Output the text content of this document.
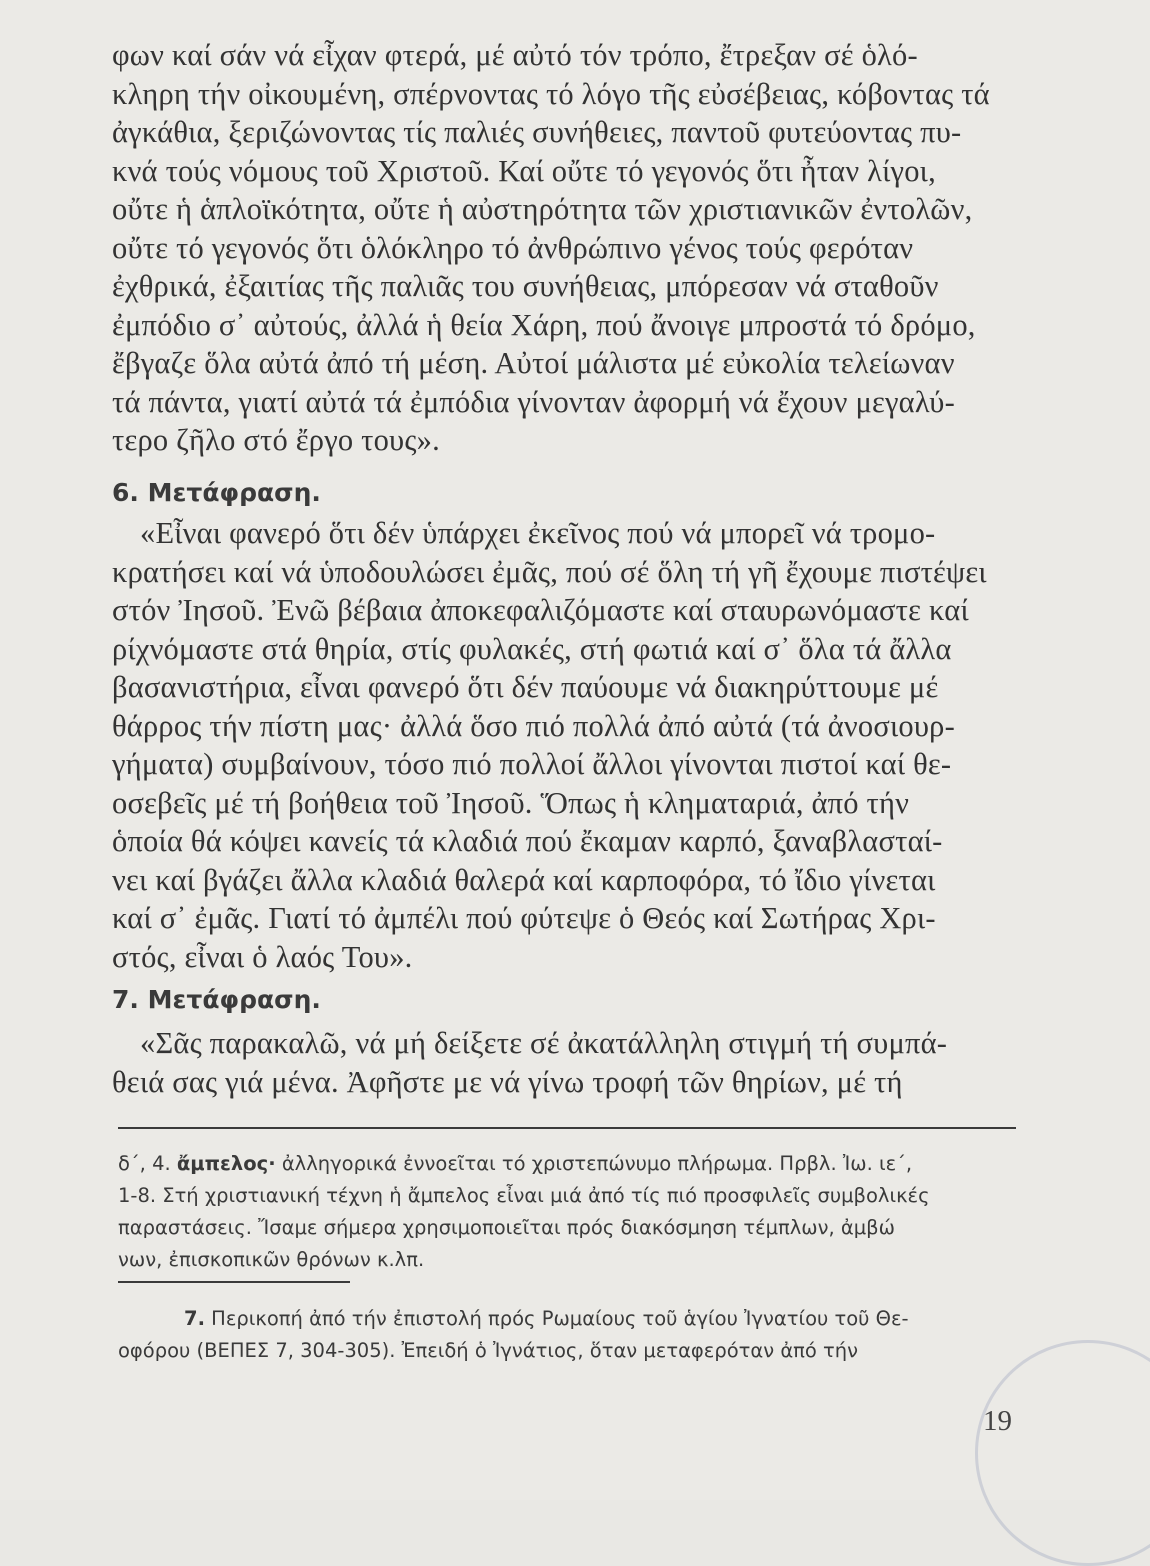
φων καί σάν νά εἶχαν φτερά, μέ αὐτό τόν τρόπο, ἔτρεξαν σέ ὁλό-
κληρη τήν οἰκουμένη, σπέρνοντας τό λόγο τῆς εὐσέβειας, κόβοντας τά
ἀγκάθια, ξεριζώνοντας τίς παλιές συνήθειες, παντοῦ φυτεύοντας πυ-
κνά τούς νόμους τοῦ Χριστοῦ. Καί οὔτε τό γεγονός ὅτι ἦταν λίγοι,
οὔτε ἡ ἁπλοϊκότητα, οὔτε ἡ αὐστηρότητα τῶν χριστιανικῶν ἐντολῶν,
οὔτε τό γεγονός ὅτι ὁλόκληρο τό ἀνθρώπινο γένος τούς φερόταν
ἐχθρικά, ἐξαιτίας τῆς παλιᾶς του συνήθειας, μπόρεσαν νά σταθοῦν
ἐμπόδιο σ᾿ αὐτούς, ἀλλά ἡ θεία Χάρη, πού ἄνοιγε μπροστά τό δρόμο,
ἔβγαζε ὅλα αὐτά ἀπό τή μέση. Αὐτοί μάλιστα μέ εὐκολία τελείωναν
τά πάντα, γιατί αὐτά τά ἐμπόδια γίνονταν ἀφορμή νά ἔχουν μεγαλύ-
τερο ζῆλο στό ἔργο τους».
6. Μετάφραση.
«Εἶναι φανερό ὅτι δέν ὑπάρχει ἐκεῖνος πού νά μπορεῖ νά τρομο-
κρατήσει καί νά ὑποδουλώσει ἐμᾶς, πού σέ ὅλη τή γῆ ἔχουμε πιστέψει
στόν Ἰησοῦ. Ἐνῶ βέβαια ἀποκεφαλιζόμαστε καί σταυρωνόμαστε καί
ρίχνόμαστε στά θηρία, στίς φυλακές, στή φωτιά καί σ᾿ ὅλα τά ἄλλα
βασανιστήρια, εἶναι φανερό ὅτι δέν παύουμε νά διακηρύττουμε μέ
θάρρος τήν πίστη μας· ἀλλά ὅσο πιό πολλά ἀπό αὐτά (τά ἀνοσιουρ-
γήματα) συμβαίνουν, τόσο πιό πολλοί ἄλλοι γίνονται πιστοί καί θε-
οσεβεῖς μέ τή βοήθεια τοῦ Ἰησοῦ. Ὅπως ἡ κληματαριά, ἀπό τήν
ὁποία θά κόψει κανείς τά κλαδιά πού ἔκαμαν καρπό, ξαναβλασταί-
νει καί βγάζει ἄλλα κλαδιά θαλερά καί καρποφόρα, τό ἴδιο γίνεται
καί σ᾿ ἐμᾶς. Γιατί τό ἀμπέλι πού φύτεψε ὁ Θεός καί Σωτήρας Χρι-
στός, εἶναι ὁ λαός Του».
7. Μετάφραση.
«Σᾶς παρακαλῶ, νά μή δείξετε σέ ἀκατάλληλη στιγμή τή συμπά-
θειά σας γιά μένα. Ἀφῆστε με νά γίνω τροφή τῶν θηρίων, μέ τή
δ΄, 4. ἄμπελος· ἀλληγορικά ἐννοεῖται τό χριστεπώνυμο πλήρωμα. Πρβλ. Ἰω. ιε΄,
1-8. Στή χριστιανική τέχνη ἡ ἄμπελος εἶναι μιά ἀπό τίς πιό προσφιλεῖς συμβολικές
παραστάσεις. Ἴσαμε σήμερα χρησιμοποιεῖται πρός διακόσμηση τέμπλων, ἀμβώ
νων, ἐπισκοπικῶν θρόνων κ.λπ.
7. Περικοπή ἀπό τήν ἐπιστολή πρός Ρωμαίους τοῦ ἁγίου Ἰγνατίου τοῦ Θε-
οφόρου (ΒΕΠΕΣ 7, 304-305). Ἐπειδή ὁ Ἰγνάτιος, ὅταν μεταφερόταν ἀπό τήν
19
